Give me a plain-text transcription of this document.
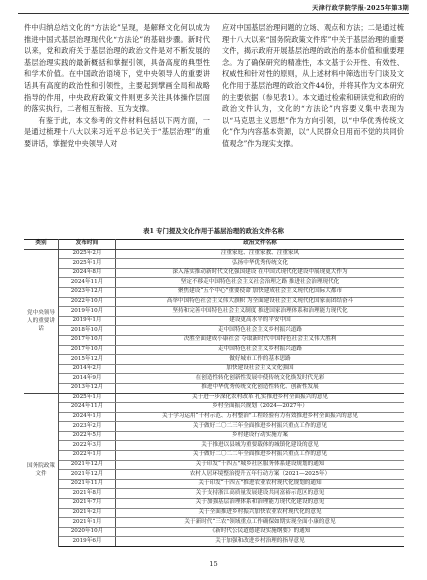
天津行政学院学报·2025年第3期

件中归纳总结文化的“方法论”呈现，是解释文化何以成为推进中国式基层治理现代化“方法论”的基础步骤。新时代以来，党和政府关于基层治理的政治文件是对不断发展的基层治理实践的最新概括和掌握引领，具备高度的典型性和学术价值。在中国政治语境下，党中央领导人的重要讲话具有高度的政治性和引领性，主要起到擘画全局和战略指导的作用，中央政府政策文件则更多关注具体操作层面的落实执行，二者相互衔接、互为支撑。

有鉴于此，本文参考的文件材料包括以下两方面，一是通过梳理十八大以来习近平总书记关于“基层治理”的重要讲话，掌握党中央领导人对

应对中国基层治理问题的立场、观点和方法；二是通过梳理十八大以来“国务院政策文件库”中关于基层治理的重要文件，揭示政府开展基层治理的政治的基本价值和重要理念。为了确保研究的精准性，本文基于公开性、有效性、权威性和针对性的原则，从上述材料中筛选出专门谈及文化作用于基层治理的政治文件44份，并将其作为文本研究的主要依据（参见表1）。本文通过检索和研读党和政府的政治文件认为，文化的“方法论”内容要义集中表现为以“马克思主义思想”作为方向引领，以“中华优秀传统文化”作为内容基本资源，以“人民群众日用而不觉的共同价值观念”作为现实支撑。

表1 专门提及文化作用于基层治理的政治文件名称
类别	发布时间	政治文件名称
党中央领导人的重要讲话	2025年2月	注重家庭、注重家教、注重家风
	2025年1月	弘扬中华优秀传统文化
	2024年8月	深入落实推动新时代文化强国建设 在中国式现代化建设中展现更大作为
	2024年11月	坚定不移走中国特色社会主义社会治理之路 推进社会治理现代化
	2023年12月	聚焦建设“五个中心”重要使命 加快建成社会主义现代化国际大都市
	2022年10月	高举中国特色社会主义伟大旗帜 为全面建设社会主义现代化国家而团结奋斗
	2019年10月	坚持和完善中国特色社会主义制度 推进国家治理体系和治理能力现代化
	2019年1月	建设更高水平的平安中国
	2018年10月	走中国特色社会主义乡村振兴道路
	2017年10月	决胜全面建成小康社会 夺取新时代中国特色社会主义伟大胜利
	2017年10月	走中国特色社会主义乡村振兴道路
	2015年12月	做好城市工作的基本思路
	2014年2月	加快建设社会主义文化强国
	2014年9月	在创造性转化创新性发展中使传统文化焕发时代光彩
	2013年12月	推进中华优秀传统文化创造性转化、创新性发展
国务院政策文件	2025年1月	关于进一步深化农村改革 扎实推进乡村全面振兴的意见
	2024年11月	乡村全面振兴规划（2024—2027年）
	2024年1月	关于学习运用“千村示范、万村整治”工程经验有力有效推进乡村全面振兴的意见
	2023年2月	关于做好二〇二三年全面推进乡村振兴重点工作的意见
	2022年5月	乡村建设行动实施方案
	2022年3月	关于推进以县城为重要载体的城镇化建设的意见
	2022年1月	关于做好二〇二二年全面推进乡村振兴重点工作的意见
	2021年12月	关于印发“十四五”城乡社区服务体系建设规划的通知
	2021年12月	农村人居环境整治提升五年行动方案（2021—2025年）
	2021年11月	关于印发“十四五”推进农业农村现代化规划的通知
	2021年8月	关于支持浙江高质量发展建设共同富裕示范区的意见
	2021年7月	关于加强基层治理体系和治理能力现代化建设的意见
	2021年2月	关于全面推进乡村振兴加快农业农村现代化的意见
	2021年1月	关于新时代“三农”领域重点工作确保如期实现全面小康的意见
	2020年10月	《新时代公民道德建设实施纲要》的通知
	2019年6月	关于加强和改进乡村治理的指导意见
15
